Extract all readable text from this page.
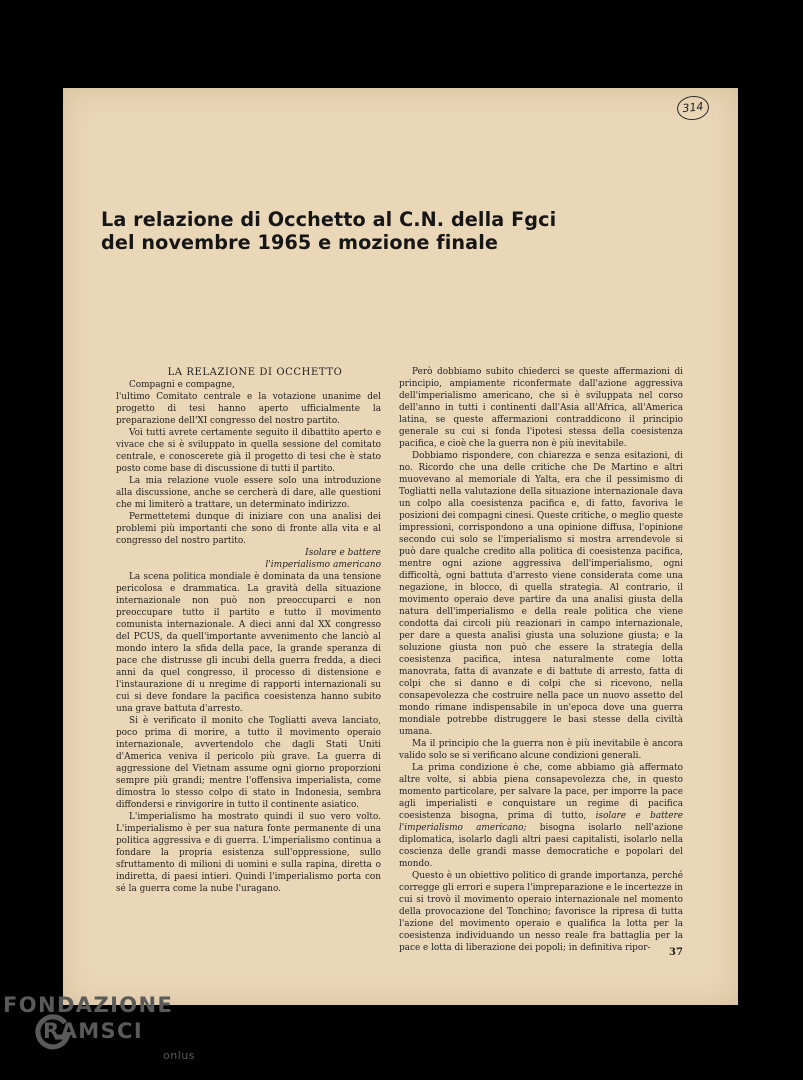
314
La relazione di Occhetto al C.N. della Fgci
del novembre 1965 e mozione finale

LA RELAZIONE DI OCCHETTO

Compagni e compagne,

l'ultimo Comitato centrale e la votazione unanime del progetto di tesi hanno aperto ufficialmente la preparazione dell'XI congresso del nostro partito.

Voi tutti avrete certamente seguito il dibattito aperto e vivace che si è sviluppato in quella sessione del comitato centrale, e conoscerete già il progetto di tesi che è stato posto come base di discussione di tutti il partito.

La mia relazione vuole essere solo una introduzione alla discussione, anche se cercherà di dare, alle questioni che mi limiterò a trattare, un determinato indirizzo.

Permettetemi dunque di iniziare con una analisi dei problemi più importanti che sono di fronte alla vita e al congresso del nostro partito.

Isolare e battere
l'imperialismo americano

La scena politica mondiale è dominata da una tensione pericolosa e drammatica. La gravità della situazione internazionale non può non preoccuparci e non preoccupare tutto il partito e tutto il movimento comunista internazionale. A dieci anni dal XX congresso del PCUS, da quell'importante avvenimento che lanciò al mondo intero la sfida della pace, la grande speranza di pace che distrusse gli incubi della guerra fredda, a dieci anni da quel congresso, il processo di distensione e l'instaurazione di u nregime di rapporti internazionali su cui si deve fondare la pacifica coesistenza hanno subito una grave battuta d'arresto.

Si è verificato il monito che Togliatti aveva lanciato, poco prima di morire, a tutto il movimento operaio internazionale, avvertendolo che dagli Stati Uniti d'America veniva il pericolo più grave. La guerra di aggressione del Vietnam assume ogni giorno proporzioni sempre più grandi; mentre l'offensiva imperialista, come dimostra lo stesso colpo di stato in Indonesia, sembra diffondersi e rinvigorire in tutto il continente asiatico.

L'imperialismo ha mostrato quindi il suo vero volto. L'imperialismo è per sua natura fonte permanente di una politica aggressiva e di guerra. L'imperialismo continua a fondare la propria esistenza sull'oppressione, sullo sfruttamento di milioni di uomini e sulla rapina, diretta o indiretta, di paesi intieri. Quindi l'imperialismo porta con sé la guerra come la nube l'uragano.

Però dobbiamo subito chiederci se queste affermazioni di principio, ampiamente riconfermate dall'azione aggressiva dell'imperialismo americano, che si è sviluppata nel corso dell'anno in tutti i continenti dall'Asia all'Africa, all'America latina, se queste affermazioni contraddicono il principio generale su cui si fonda l'ipotesi stessa della coesistenza pacifica, e cioè che la guerra non è più inevitabile.

Dobbiamo rispondere, con chiarezza e senza esitazioni, di no. Ricordo che una delle critiche che De Martino e altri muovevano al memoriale di Yalta, era che il pessimismo di Togliatti nella valutazione della situazione internazionale dava un colpo alla coesistenza pacifica e, di fatto, favoriva le posizioni dei compagni cinesi. Queste critiche, o meglio queste impressioni, corrispondono a una opinione diffusa, l'opinione secondo cui solo se l'imperialismo si mostra arrendevole si può dare qualche credito alla politica di coesistenza pacifica, mentre ogni azione aggressiva dell'imperialismo, ogni difficoltà, ogni battuta d'arresto viene considerata come una negazione, in blocco, di quella strategia. Al contrario, il movimento operaio deve partire da una analisi giusta della natura dell'imperialismo e della reale politica che viene condotta dai circoli più reazionari in campo internazionale, per dare a questa analisi giusta una soluzione giusta; e la soluzione giusta non può che essere la strategia della coesistenza pacifica, intesa naturalmente come lotta manovrata, fatta di avanzate e di battute di arresto, fatta di colpi che si danno e di colpi che si ricevono, nella consapevolezza che costruire nella pace un nuovo assetto del mondo rimane indispensabile in un'epoca dove una guerra mondiale potrebbe distruggere le basi stesse della civiltà umana.

Ma il principio che la guerra non è più inevitabile è ancora valido solo se si verificano alcune condizioni generali.

La prima condizione è che, come abbiamo già affermato altre volte, si abbia piena consapevolezza che, in questo momento particolare, per salvare la pace, per imporre la pace agli imperialisti e conquistare un regime di pacifica coesistenza bisogna, prima di tutto, isolare e battere l'imperialismo americano; bisogna isolarlo nell'azione diplomatica, isolarlo dagli altri paesi capitalisti, isolarlo nella coscienza delle grandi masse democratiche e popolari del mondo.

Questo è un obiettivo politico di grande importanza, perché corregge gli errori e supera l'impreparazione e le incertezze in cui si trovò il movimento operaio internazionale nel momento della provocazione del Tonchino; favorisce la ripresa di tutta l'azione del movimento operaio e qualifica la lotta per la coesistenza individuando un nesso reale fra battaglia per la pace e lotta di liberazione dei popoli; in definitiva ripor-	37
FONDAZIONE
RAMSCI
onlus
